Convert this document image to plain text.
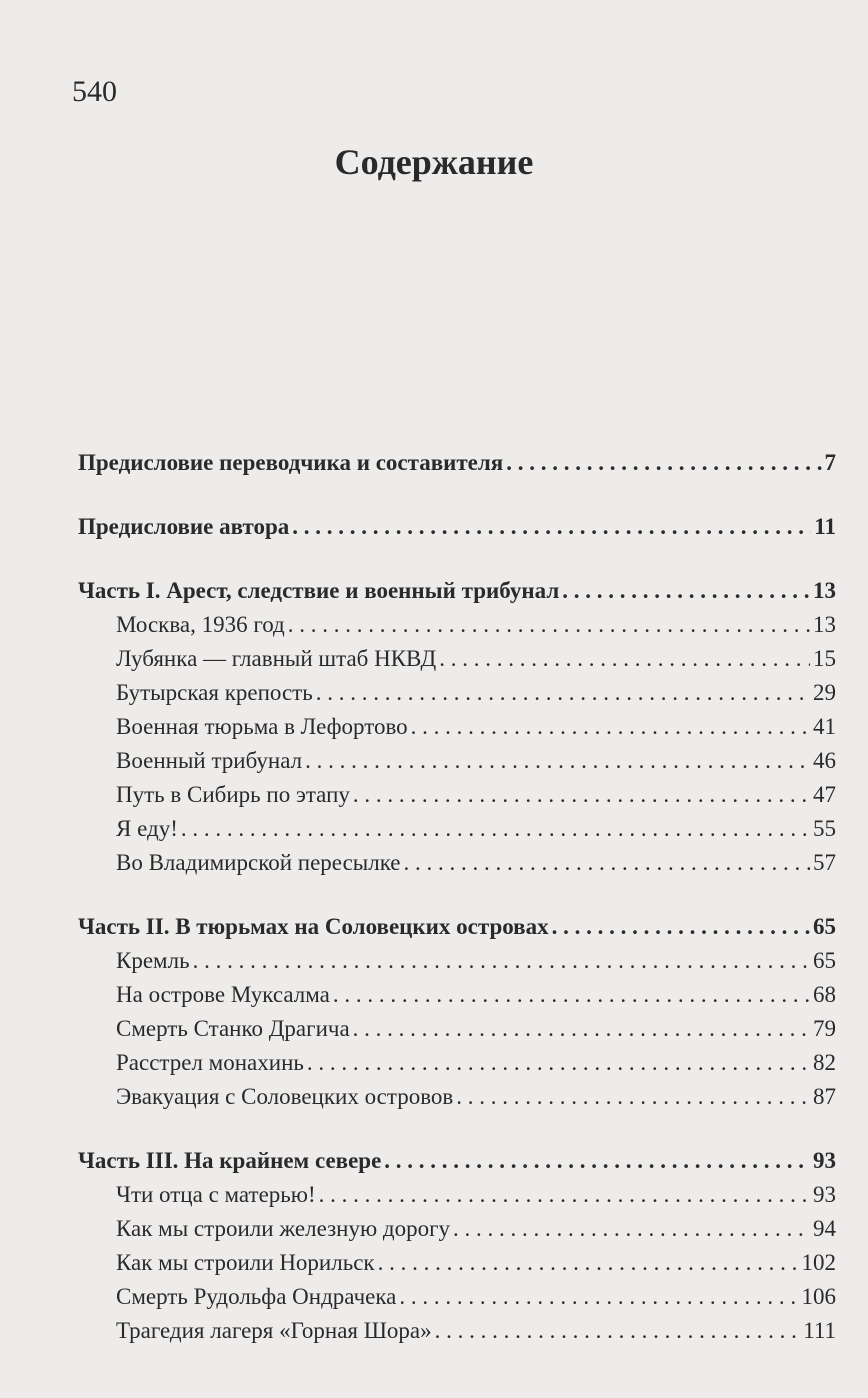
540
Содержание
Предисловие переводчика и составителя . . .	7
Предисловие автора . . .	11
Часть I. Арест, следствие и военный трибунал . . .	13
Москва, 1936 год . . .	13
Лубянка — главный штаб НКВД . . .	15
Бутырская крепость . . .	29
Военная тюрьма в Лефортово . . .	41
Военный трибунал . . .	46
Путь в Сибирь по этапу . . .	47
Я еду! . . .	55
Во Владимирской пересылке . . .	57
Часть II. В тюрьмах на Соловецких островах . . .	65
Кремль . . .	65
На острове Муксалма . . .	68
Смерть Станко Драгича . . .	79
Расстрел монахинь . . .	82
Эвакуация с Соловецких островов . . .	87
Часть III. На крайнем севере . . .	93
Чти отца с матерью! . . .	93
Как мы строили железную дорогу . . .	94
Как мы строили Норильск . . .	102
Смерть Рудольфа Ондрачека . . .	106
Трагедия лагеря «Горная Шора» . . .	111
